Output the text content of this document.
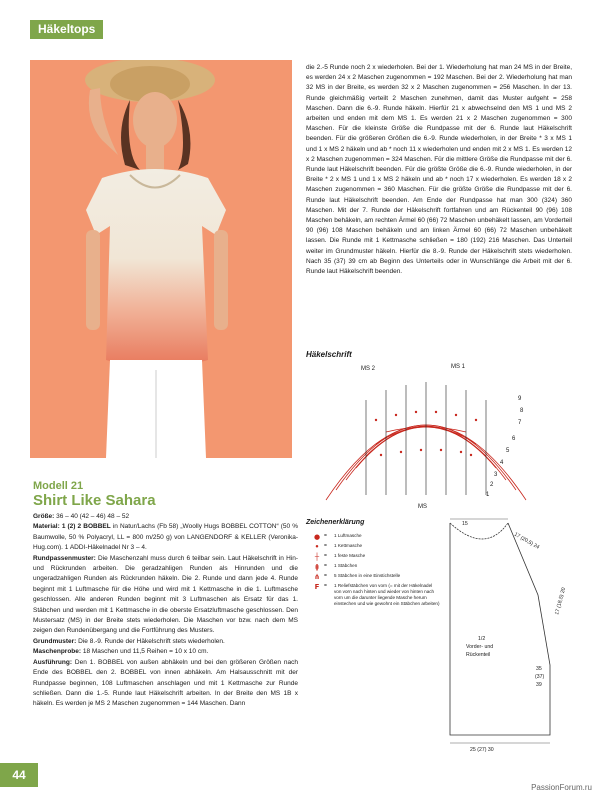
Häkeltops

die 2.-5 Runde noch 2 x wiederholen. Bei der 1. Wiederholung hat man 24 MS in der Breite, es werden 24 x 2 Maschen zugenommen = 192 Maschen. Bei der 2. Wiederholung hat man 32 MS in der Breite, es werden 32 x 2 Maschen zugenommen = 256 Maschen. In der 13. Runde gleichmäßig verteilt 2 Maschen zunehmen, damit das Muster aufgeht = 258 Maschen. Dann die 6.-9. Runde häkeln. Hierfür 21 x abwechselnd den MS 1 und MS 2 arbeiten und enden mit dem MS 1. Es werden 21 x 2 Maschen zugenommen = 300 Maschen. Für die kleinste Größe die Rundpasse mit der 6. Runde laut Häkelschrift beenden. Für die größeren Größen die 6.-9. Runde wiederholen, in der Breite * 3 x MS 1 und 1 x MS 2 häkeln und ab * noch 11 x wiederholen und enden mit 2 x MS 1. Es werden 12 x 2 Maschen zugenommen = 324 Maschen. Für die mittlere Größe die Rundpasse mit der 6. Runde laut Häkelschrift beenden. Für die größte Größe die 6.-9. Runde wiederholen, in der Breite * 2 x MS 1 und 1 x MS 2 häkeln und ab * noch 17 x wiederholen. Es werden 18 x 2 Maschen zugenommen = 360 Maschen. Für die größte Größe die Rundpasse mit der 6. Runde laut Häkelschrift beenden. Am Ende der Rundpasse hat man 300 (324) 360 Maschen. Mit der 7. Runde der Häkelschrift fortfahren und am Rückenteil 90 (96) 108 Maschen behäkeln, am rechten Ärmel 60 (66) 72 Maschen unbehäkelt lassen, am Vorderteil 90 (96) 108 Maschen behäkeln und am linken Ärmel 60 (66) 72 Maschen unbehäkelt lassen. Die Runde mit 1 Kettmasche schließen = 180 (192) 216 Maschen. Das Unterteil weiter im Grundmuster häkeln. Hierfür die 8.-9. Runde der Häkelschrift stets wiederholen. Nach 35 (37) 39 cm ab Beginn des Unterteils oder in Wunschlänge die Arbeit mit der 6. Runde laut Häkelschrift beenden.

Häkelschrift
MS 2	MS 1
MS
9
8
7
6
5
4
3
2
1
Zeichenerklärung
● =	1 Luftmasche
• =	1 Kettmasche
┼ =	1 feste Masche
ǂ	=	1 Stäbchen
⋔ =	5 Stäbchen in eine Einstichstelle
Ϝ =	1 Reliefstäbchen von vorn (= mit der Häkelnadel von vorn nach hinten und wieder von hinten nach vorn um die darunter liegende Masche herum einstechen und wie gewohnt ein Stäbchen arbeiten)
15
17 (20,5) 24
17 (18,5) 20
1/2
Vorder- und
Rückenteil
35
(37)
39
25 (27) 30
Modell 21
Shirt Like Sahara

Größe: 36 – 40 (42 – 46) 48 – 52

Material: 1 (2) 2 BOBBEL in Natur/Lachs (Fb 58) „Woolly Hugs BOBBEL COTTON“ (50 % Baumwolle, 50 % Polyacryl, LL = 800 m/250 g) von LANGENDORF & KELLER (Veronika-Hug.com). 1 ADDI-Häkelnadel Nr 3 – 4.

Rundpassenmuster: Die Maschenzahl muss durch 6 teilbar sein. Laut Häkelschrift in Hin- und Rückrunden arbeiten. Die geradzahligen Runden als Hinrunden und die ungeradzahligen Runden als Rückrunden häkeln. Die 2. Runde und dann jede 4. Runde beginnt mit 1 Luftmasche für die Höhe und wird mit 1 Kettmasche in die 1. Luftmasche geschlossen. Alle anderen Runden beginnt mit 3 Luftmaschen als Ersatz für das 1. Stäbchen und werden mit 1 Kettmasche in die oberste Ersatzluftmasche geschlossen. Den Mustersatz (MS) in der Breite stets wiederholen. Die Maschen vor bzw. nach dem MS zeigen den Rundenübergang und die Fortführung des Musters.

Grundmuster: Die 8.-9. Runde der Häkelschrift stets wiederholen.

Maschenprobe: 18 Maschen und 11,5 Reihen = 10 x 10 cm.

Ausführung: Den 1. BOBBEL von außen abhäkeln und bei den größeren Größen nach Ende des BOBBEL den 2. BOBBEL von innen abhäkeln. Am Halsausschnitt mit der Rundpasse beginnen, 108 Luftmaschen anschlagen und mit 1 Kettmasche zur Runde schließen. Dann die 1.-5. Runde laut Häkelschrift arbeiten. In der Breite den MS 1B x häkeln. Es werden je MS 2 Maschen zugenommen = 144 Maschen. Dann

44
PassionForum.ru
